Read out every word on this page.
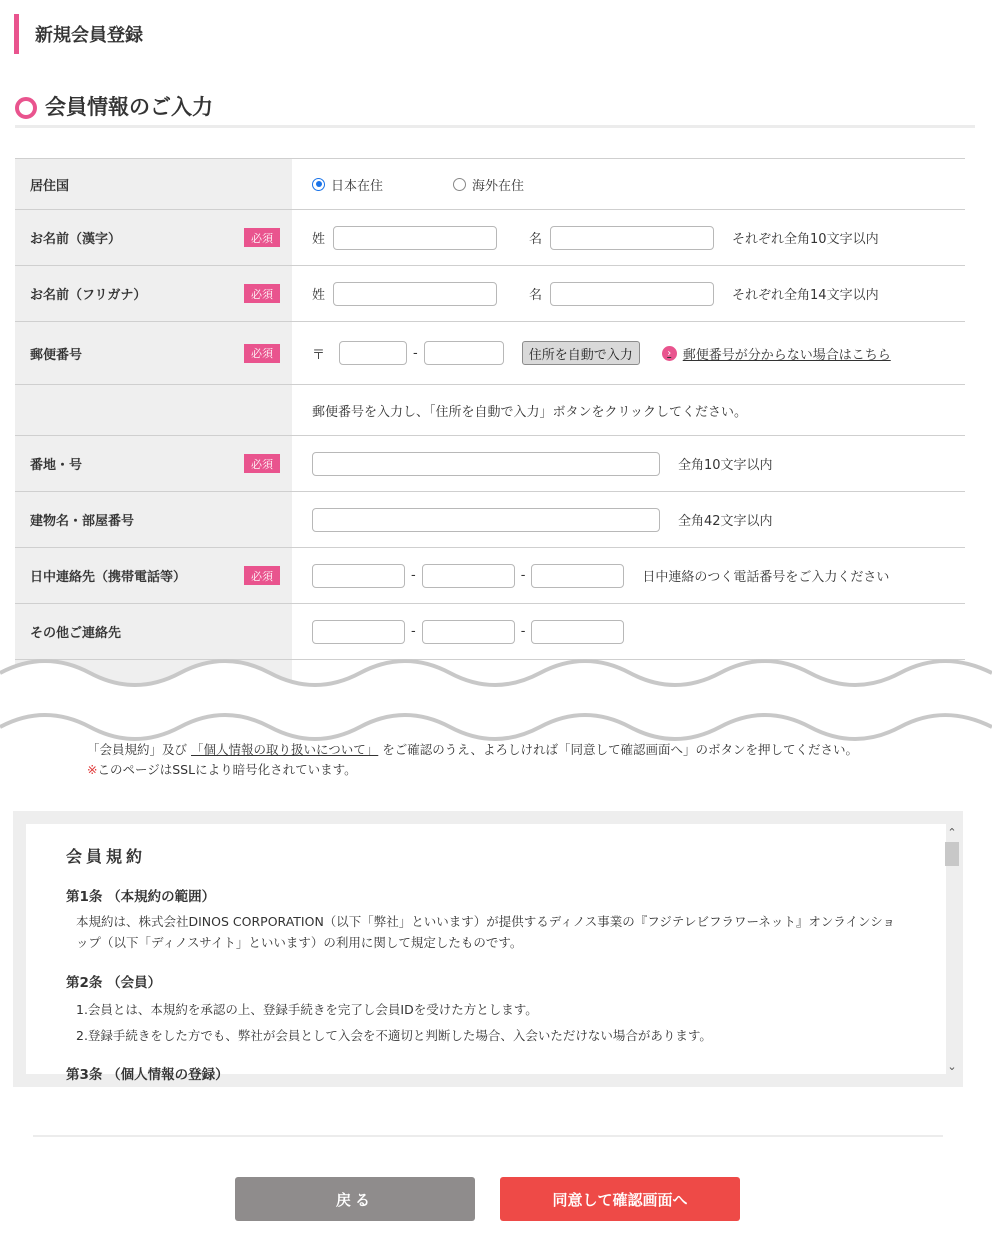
新規会員登録
会員情報のご入力
居住国	日本在住	海外在住
お名前（漢字）	必須	姓	名	それぞれ全角10文字以内
お名前（フリガナ）	必須	姓	名	それぞれ全角14文字以内
郵便番号	必須	〒	-	住所を自動で入力	› 郵便番号が分からない場合はこちら
郵便番号を入力し、「住所を自動で入力」ボタンをクリックしてください。
番地・号	必須	全角10文字以内
建物名・部屋番号	全角42文字以内
日中連絡先（携帯電話等）	必須	-	-	日中連絡のつく電話番号をご入力ください
その他ご連絡先	-	-
「会員規約」及び 「個人情報の取り扱いについて」 をご確認のうえ、よろしければ「同意して確認画面へ」のボタンを押してください。
※このページはSSLにより暗号化されています。
会員規約
第1条 （本規約の範囲）
本規約は、株式会社DINOS CORPORATION（以下「弊社」といいます）が提供するディノス事業の『フジテレビフラワーネット』オンラインショップ（以下「ディノスサイト」といいます）の利用に関して規定したものです。
第2条 （会員）
1.会員とは、本規約を承認の上、登録手続きを完了し会員IDを受けた方とします。
2.登録手続きをした方でも、弊社が会員として入会を不適切と判断した場合、入会いただけない場合があります。
第3条 （個人情報の登録）
⌃
⌄
戻る	同意して確認画面へ
